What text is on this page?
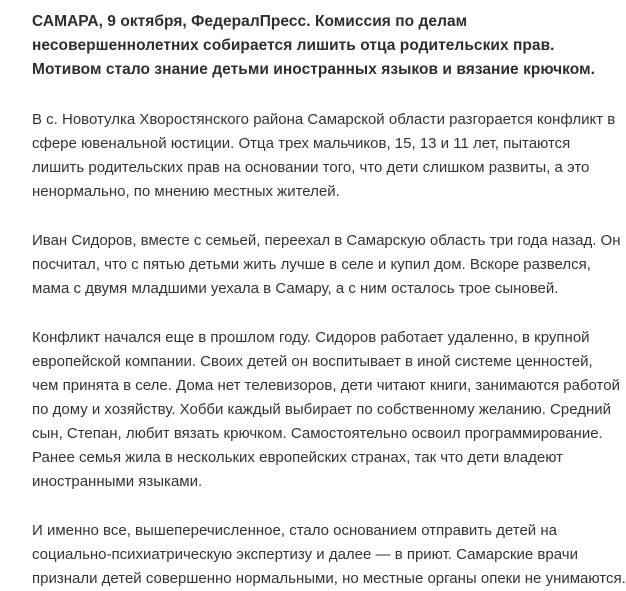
САМАРА, 9 октября, ФедералПресс. Комиссия по делам
несовершеннолетних собирается лишить отца родительских прав.
Мотивом стало знание детьми иностранных языков и вязание крючком.

В с. Новотулка Хворостянского района Самарской области разгорается конфликт в
сфере ювенальной юстиции. Отца трех мальчиков, 15, 13 и 11 лет, пытаются
лишить родительских прав на основании того, что дети слишком развиты, а это
ненормально, по мнению местных жителей.

Иван Сидоров, вместе с семьей, переехал в Самарскую область три года назад. Он
посчитал, что с пятью детьми жить лучше в селе и купил дом. Вскоре развелся,
мама с двумя младшими уехала в Самару, а с ним осталось трое сыновей.

Конфликт начался еще в прошлом году. Сидоров работает удаленно, в крупной
европейской компании. Своих детей он воспитывает в иной системе ценностей,
чем принята в селе. Дома нет телевизоров, дети читают книги, занимаются работой
по дому и хозяйству. Хобби каждый выбирает по собственному желанию. Средний
сын, Степан, любит вязать крючком. Самостоятельно освоил программирование.
Ранее семья жила в нескольких европейских странах, так что дети владеют
иностранными языками.

И именно все, вышеперечисленное, стало основанием отправить детей на
социально-психиатрическую экспертизу и далее — в приют. Самарские врачи
признали детей совершенно нормальными, но местные органы опеки не унимаются.
